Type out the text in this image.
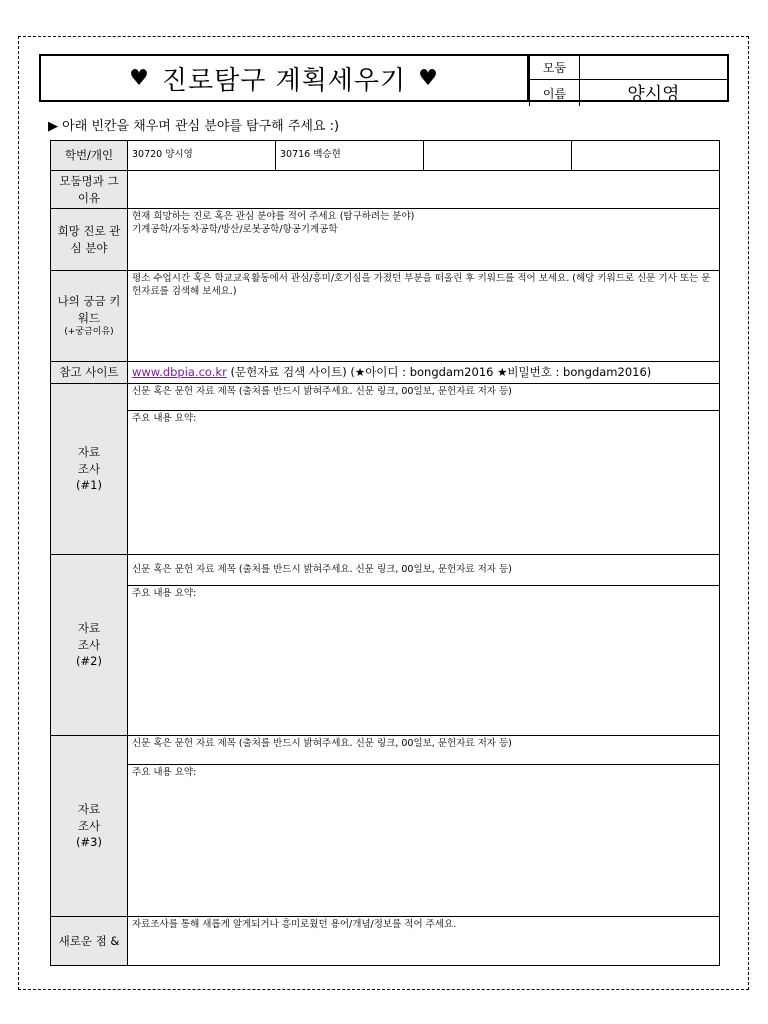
♥ 진로탐구 계획세우기 ♥	모둠
이름	양시영
▶ 아래 빈칸을 채우며 관심 분야를 탐구해 주세요 :)
학번/개인	30720 양시영	30716 백승현		
모둠명과 그 이유				
희망 진로 관심 분야	현재 희망하는 진로 혹은 관심 분야를 적어 주세요 (탐구하려는 분야)
기계공학/자동차공학/방산/로봇공학/항공기계공학			

나의 궁금 키워드
(+궁금이유)	평소 수업시간 혹은 학교교육활동에서 관심/흥미/호기심을 가졌던 부분을 떠올린 후 키워드를 적어 보세요. (해당 키워드로 신문 기사 또는 문헌자료를 검색해 보세요.)			

참고 사이트	www.dbpia.co.kr (문헌자료 검색 사이트) (★아이디 : bongdam2016 ★비밀번호 : bongdam2016)			

자료
조사
(#1)	신문 혹은 문헌 자료 제목 (출처를 반드시 밝혀주세요. 신문 링크, 00일보, 문헌자료 저자 등)			
	주요 내용 요약:			

자료
조사
(#2)	신문 혹은 문헌 자료 제목 (출처를 반드시 밝혀주세요. 신문 링크, 00일보, 문헌자료 저자 등)			
	주요 내용 요약:			

자료
조사
(#3)	신문 혹은 문헌 자료 제목 (출처를 반드시 밝혀주세요. 신문 링크, 00일보, 문헌자료 저자 등)			
	주요 내용 요약:			
새로운 점 &	자료조사를 통해 새롭게 알게되거나 흥미로웠던 용어/개념/정보를 적어 주세요.			
